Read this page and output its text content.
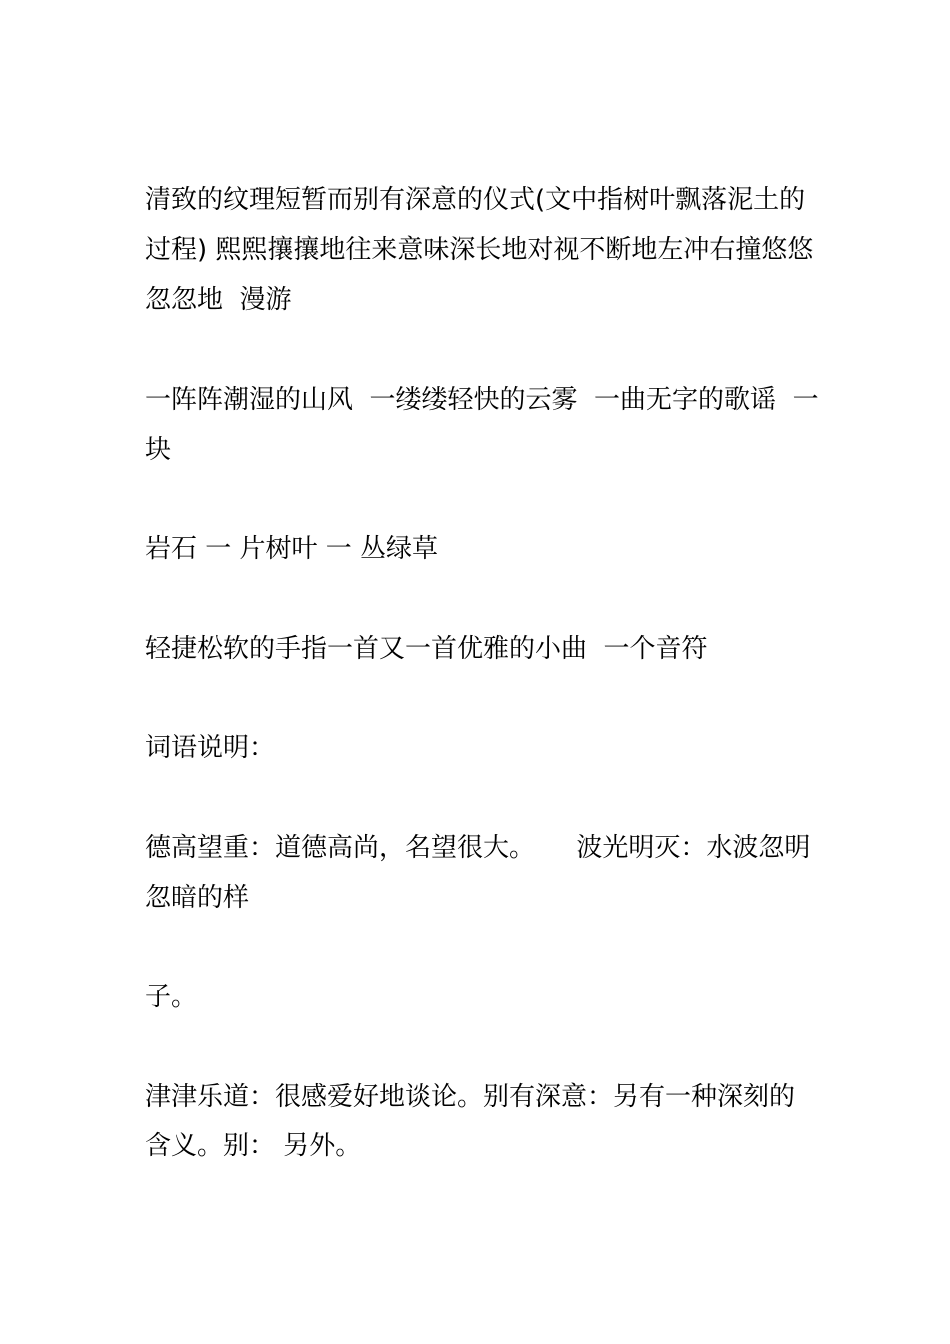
清致的纹理短暂而别有深意的仪式(文中指树叶飘落泥土的

过程) 熙熙攘攘地往来意味深长地对视不断地左冲右撞悠悠

忽忽地  漫游

一阵阵潮湿的山风  一缕缕轻快的云雾  一曲无字的歌谣  一

块

岩石 一 片树叶 一 丛绿草

轻捷松软的手指一首又一首优雅的小曲  一个音符

词语说明：

德高望重：道德高尚，名望很大。     波光明灭：水波忽明

忽暗的样

子。

津津乐道：很感爱好地谈论。别有深意：另有一种深刻的

含义。别： 另外。
